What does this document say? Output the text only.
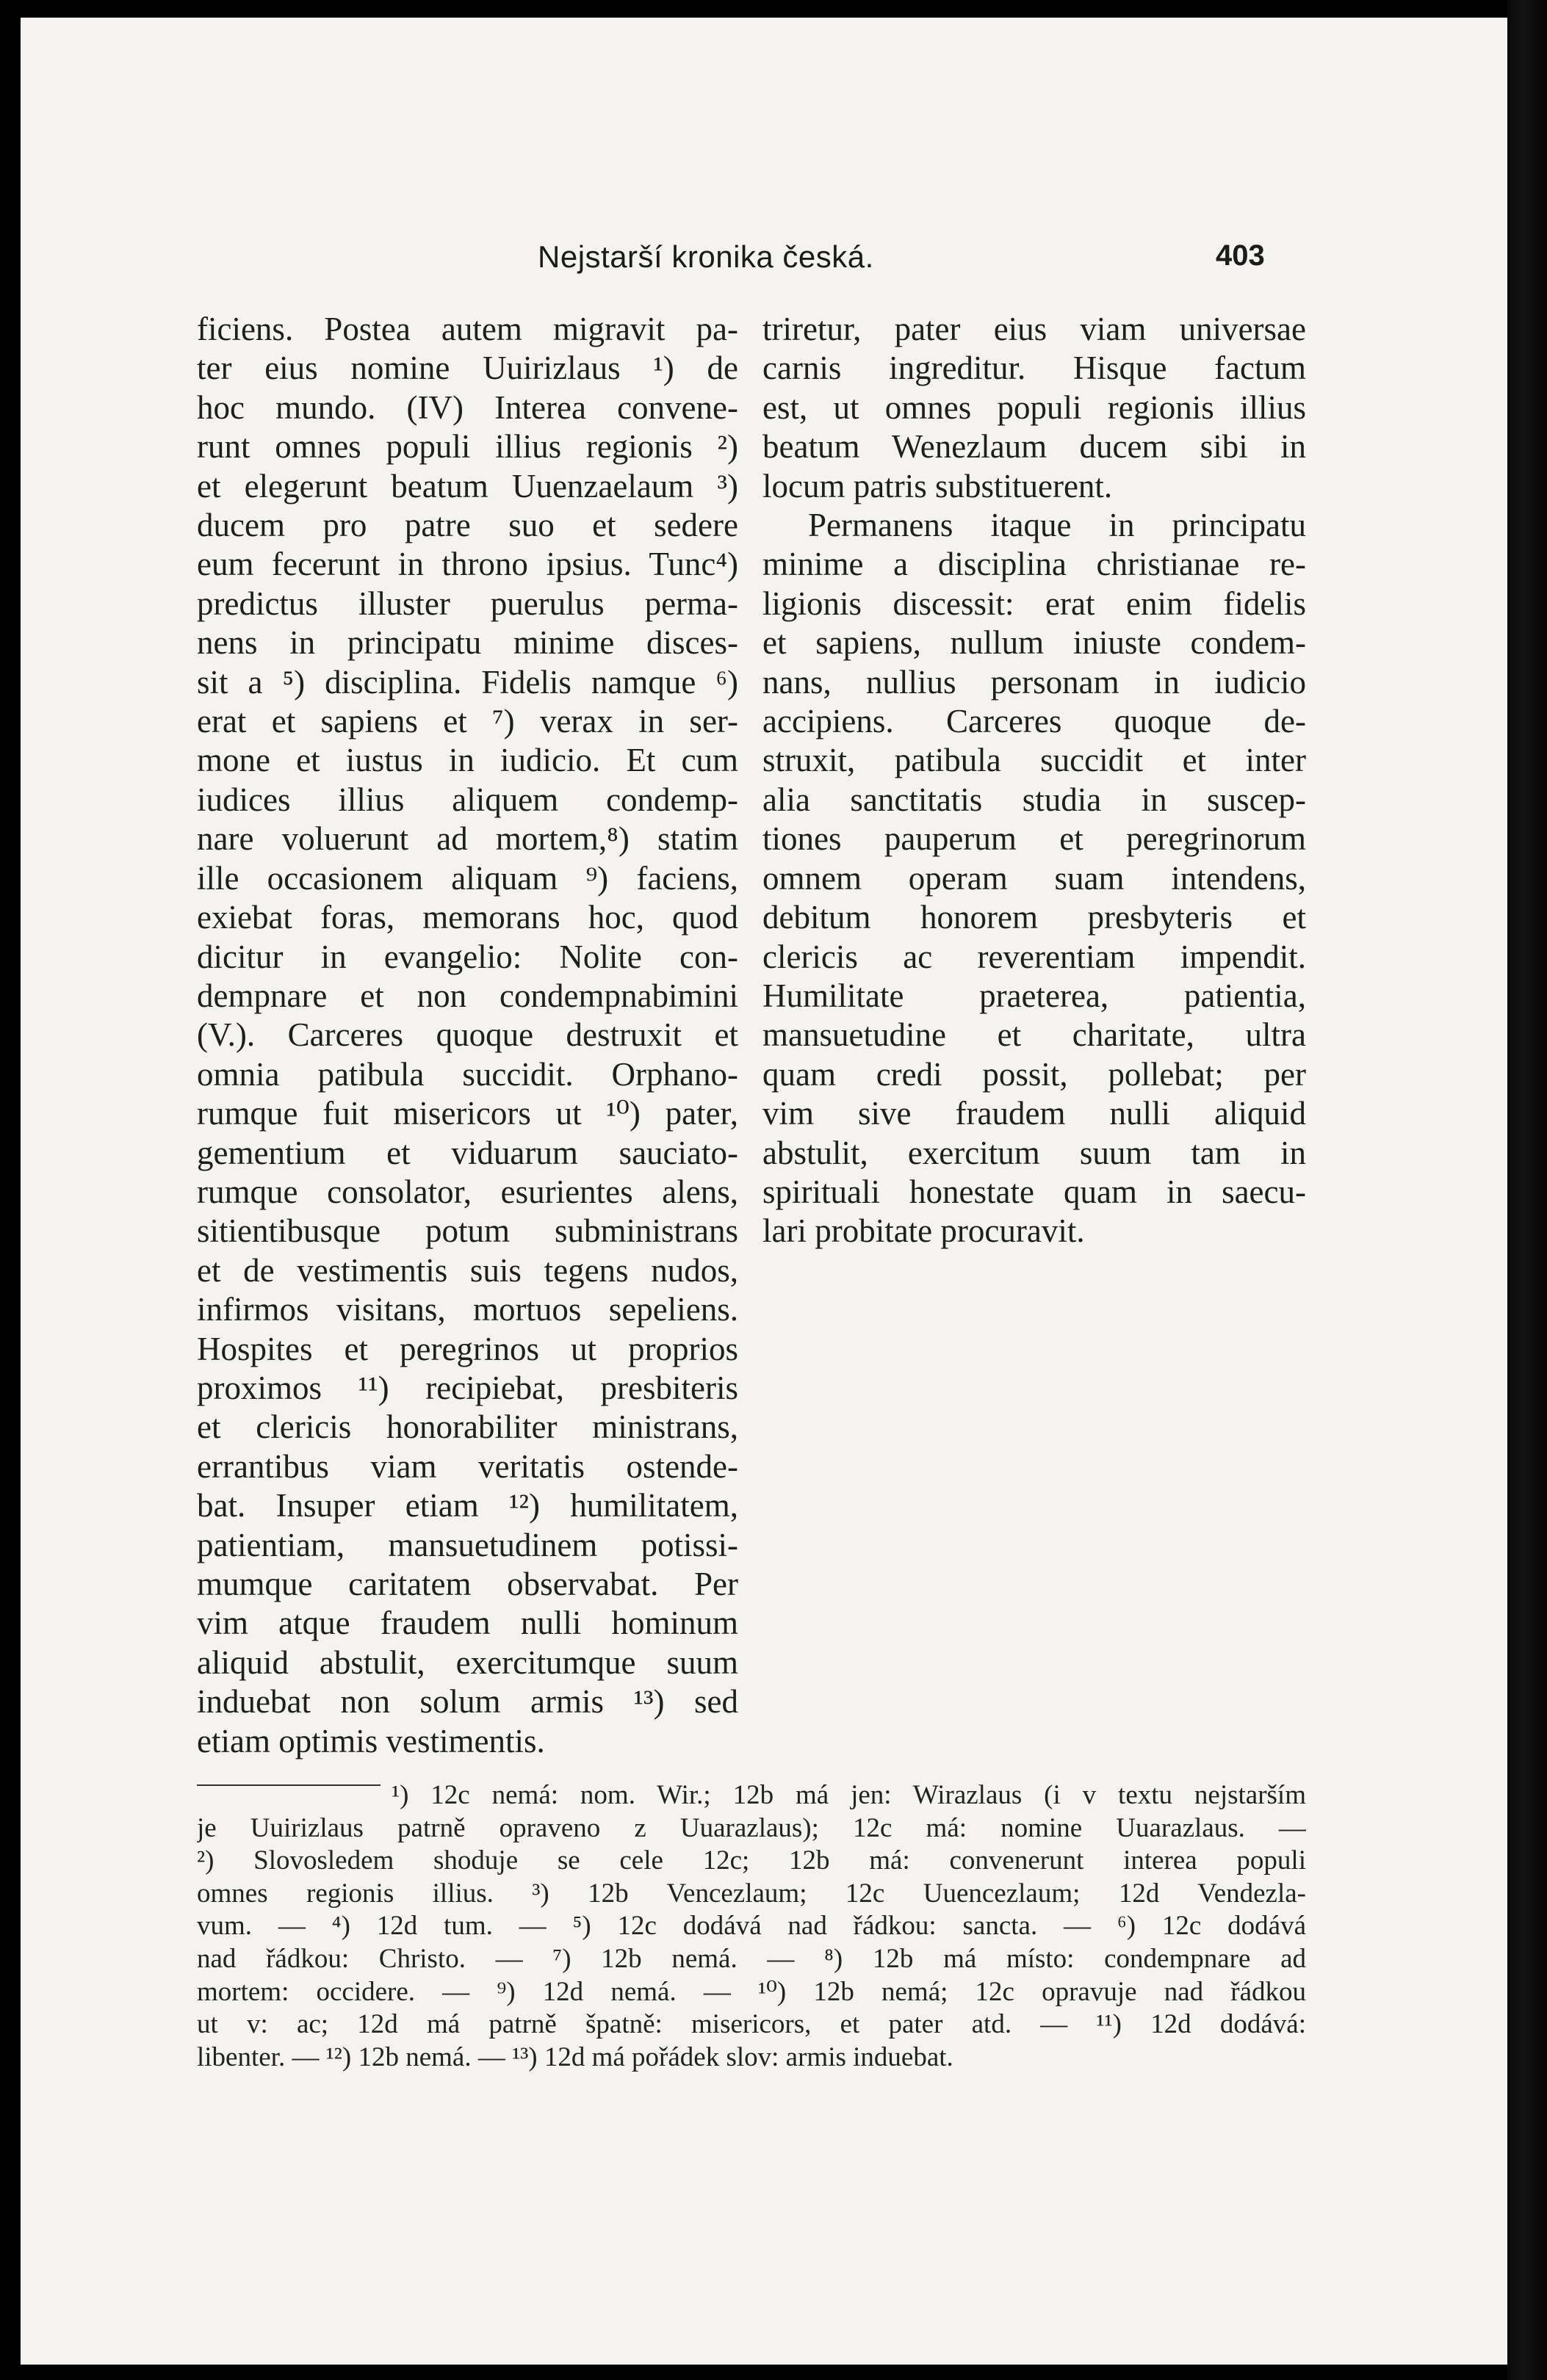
Nejstarší kronika česká.	403

ficiens. Postea autem migravit pa-

ter eius nomine Uuirizlaus ¹) de

hoc mundo. (IV) Interea convene-

runt omnes populi illius regionis ²)

et elegerunt beatum Uuenzaelaum ³)

ducem pro patre suo et sedere

eum fecerunt in throno ipsius. Tunc⁴)

predictus illuster puerulus perma-

nens in principatu minime disces-

sit a ⁵) disciplina. Fidelis namque ⁶)

erat et sapiens et ⁷) verax in ser-

mone et iustus in iudicio. Et cum

iudices illius aliquem condemp-

nare voluerunt ad mortem,⁸) statim

ille occasionem aliquam ⁹) faciens,

exiebat foras, memorans hoc, quod

dicitur in evangelio: Nolite con-

dempnare et non condempnabimini

(V.). Carceres quoque destruxit et

omnia patibula succidit. Orphano-

rumque fuit misericors ut ¹⁰) pater,

gementium et viduarum sauciato-

rumque consolator, esurientes alens,

sitientibusque potum subministrans

et de vestimentis suis tegens nudos,

infirmos visitans, mortuos sepeliens.

Hospites et peregrinos ut proprios

proximos ¹¹) recipiebat, presbiteris

et clericis honorabiliter ministrans,

errantibus viam veritatis ostende-

bat. Insuper etiam ¹²) humilitatem,

patientiam, mansuetudinem potissi-

mumque caritatem observabat. Per

vim atque fraudem nulli hominum

aliquid abstulit, exercitumque suum

induebat non solum armis ¹³) sed

etiam optimis vestimentis.

triretur, pater eius viam universae

carnis ingreditur. Hisque factum

est, ut omnes populi regionis illius

beatum Wenezlaum ducem sibi in

locum patris substituerent.

Permanens itaque in principatu

minime a disciplina christianae re-

ligionis discessit: erat enim fidelis

et sapiens, nullum iniuste condem-

nans, nullius personam in iudicio

accipiens. Carceres quoque de-

struxit, patibula succidit et inter

alia sanctitatis studia in suscep-

tiones pauperum et peregrinorum

omnem operam suam intendens,

debitum honorem presbyteris et

clericis ac reverentiam impendit.

Humilitate praeterea, patientia,

mansuetudine et charitate, ultra

quam credi possit, pollebat; per

vim sive fraudem nulli aliquid

abstulit, exercitum suum tam in

spirituali honestate quam in saecu-

lari probitate procuravit.

¹) 12c nemá: nom. Wir.; 12b má jen: Wirazlaus (i v textu nejstarším

je Uuirizlaus patrně opraveno z Uuarazlaus); 12c má: nomine Uuarazlaus. —

²) Slovosledem shoduje se cele 12c; 12b má: convenerunt interea populi

omnes regionis illius. ³) 12b Vencezlaum; 12c Uuencezlaum; 12d Vendezla-

vum. — ⁴) 12d tum. — ⁵) 12c dodává nad řádkou: sancta. — ⁶) 12c dodává

nad řádkou: Christo. — ⁷) 12b nemá. — ⁸) 12b má místo: condempnare ad

mortem: occidere. — ⁹) 12d nemá. — ¹⁰) 12b nemá; 12c opravuje nad řádkou

ut v: ac; 12d má patrně špatně: misericors, et pater atd. — ¹¹) 12d dodává:

libenter. — ¹²) 12b nemá. — ¹³) 12d má pořádek slov: armis induebat.
